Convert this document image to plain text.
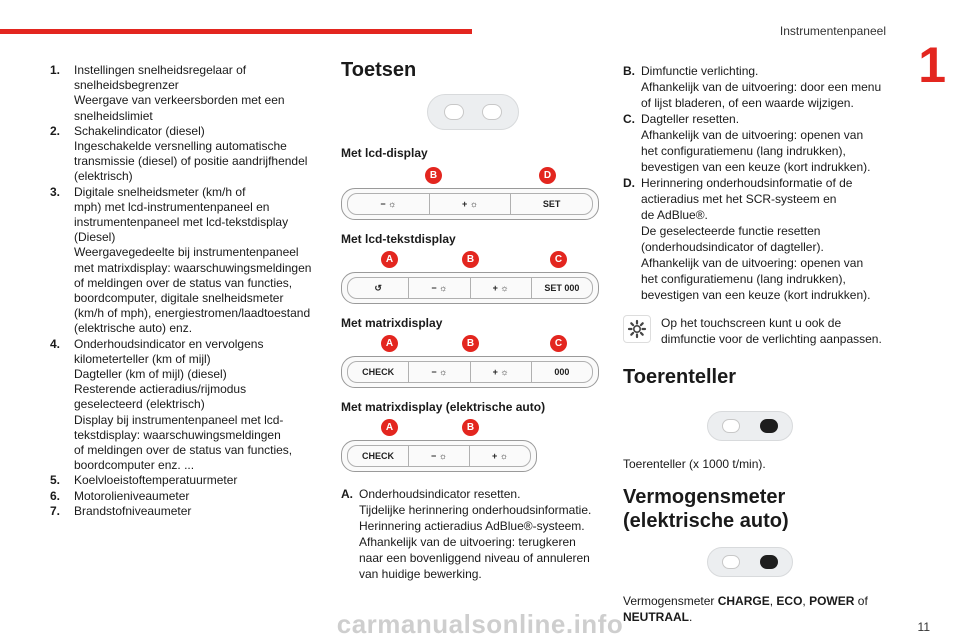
Instrumentenpaneel
1
1.	Instellingen snelheidsregelaar of
snelheidsbegrenzer
Weergave van verkeersborden met een
snelheidslimiet
2.	Schakelindicator (diesel)
Ingeschakelde versnelling automatische
transmissie (diesel) of positie aandrijfhendel
(elektrisch)
3.	Digitale snelheidsmeter (km/h of
mph) met lcd-instrumentenpaneel en
instrumentenpaneel met lcd-tekstdisplay
(Diesel)
Weergavegedeelte bij instrumentenpaneel
met matrixdisplay: waarschuwingsmeldingen
of meldingen over de status van functies,
boordcomputer, digitale snelheidsmeter
(km/h of mph), energiestromen/laadtoestand
(elektrische auto) enz.
4.	Onderhoudsindicator en vervolgens
kilometerteller (km of mijl)
Dagteller (km of mijl) (diesel)
Resterende actieradius/rijmodus
geselecteerd (elektrisch)
Display bij instrumentenpaneel met lcd-
tekstdisplay: waarschuwingsmeldingen
of meldingen over de status van functies,
boordcomputer enz. ...
5.	Koelvloeistoftemperatuurmeter
6.	Motorolieniveaumeter
7.	Brandstofniveaumeter
Toetsen
Met lcd-display
B	D
− ☼	+ ☼	SET
Met lcd-tekstdisplay
A	B	C
↺	− ☼	+ ☼	SET 000
Met matrixdisplay
A	B	C
CHECK	− ☼	+ ☼	000
Met matrixdisplay (elektrische auto)
A	B
CHECK	− ☼	+ ☼
A. Onderhoudsindicator resetten.
Tijdelijke herinnering onderhoudsinformatie.
Herinnering actieradius AdBlue®-systeem.
Afhankelijk van de uitvoering: terugkeren
naar een bovenliggend niveau of annuleren
van huidige bewerking.
B. Dimfunctie verlichting.
Afhankelijk van de uitvoering: door een menu
of lijst bladeren, of een waarde wijzigen.
C. Dagteller resetten.
Afhankelijk van de uitvoering: openen van
het configuratiemenu (lang indrukken),
bevestigen van een keuze (kort indrukken).
D. Herinnering onderhoudsinformatie of de
actieradius met het SCR-systeem en
de AdBlue®.
De geselecteerde functie resetten
(onderhoudsindicator of dagteller).
Afhankelijk van de uitvoering: openen van
het configuratiemenu (lang indrukken),
bevestigen van een keuze (kort indrukken).
Op het touchscreen kunt u ook de
dimfunctie voor de verlichting aanpassen.
Toerenteller
Toerenteller (x 1000 t/min).
Vermogensmeter
(elektrische auto)
Vermogensmeter CHARGE, ECO, POWER of
NEUTRAAL.
11
carmanualsonline.info
